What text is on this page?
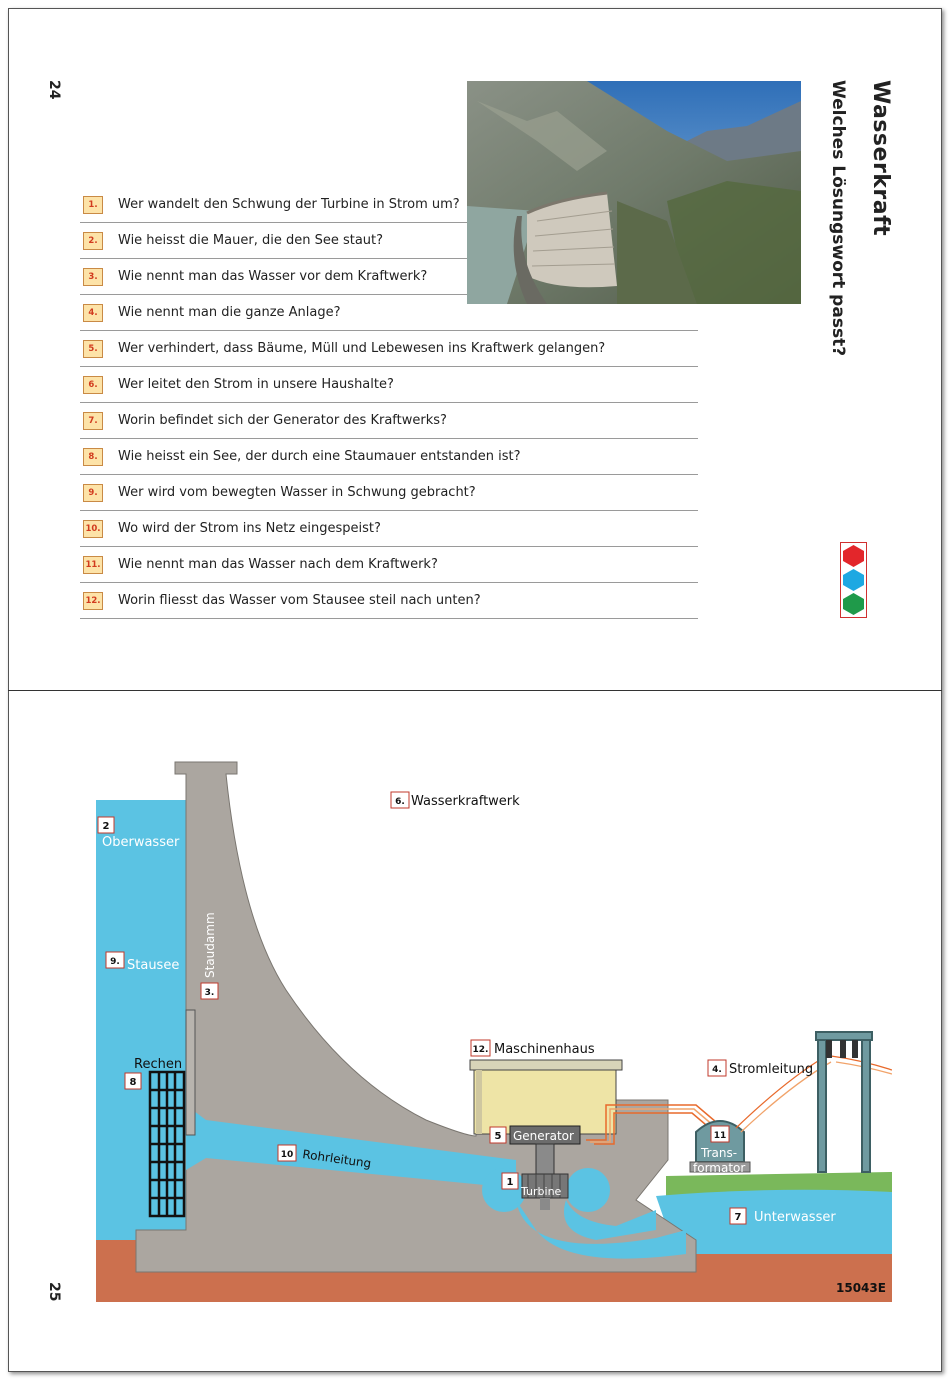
24
25
Wasserkraft
Welches Lösungswort passt?
1.	Wer wandelt den Schwung der Turbine in Strom um?
2.	Wie heisst die Mauer, die den See staut?
3.	Wie nennt man das Wasser vor dem Kraftwerk?
4.	Wie nennt man die ganze Anlage?
5.	Wer verhindert, dass Bäume, Müll und Lebewesen ins Kraftwerk gelangen?
6.	Wer leitet den Strom in unsere Haushalte?
7.	Worin befindet sich der Generator des Kraftwerks?
8.	Wie heisst ein See, der durch eine Staumauer entstanden ist?
9.	Wer wird vom bewegten Wasser in Schwung gebracht?
10. Wo wird der Strom ins Netz eingespeist?
11. Wie nennt man das Wasser nach dem Kraftwerk?
12. Worin fliesst das Wasser vom Stausee steil nach unten?
2
Oberwasser
6. Wasserkraftwerk
9. Stausee Staudamm
3.
Rechen
8
12. Maschinenhaus
4. Stromleitung
5 Generator
10 Rohrleitung
1
Turbine
11
Trans-
formator
7 Unterwasser
15043E
